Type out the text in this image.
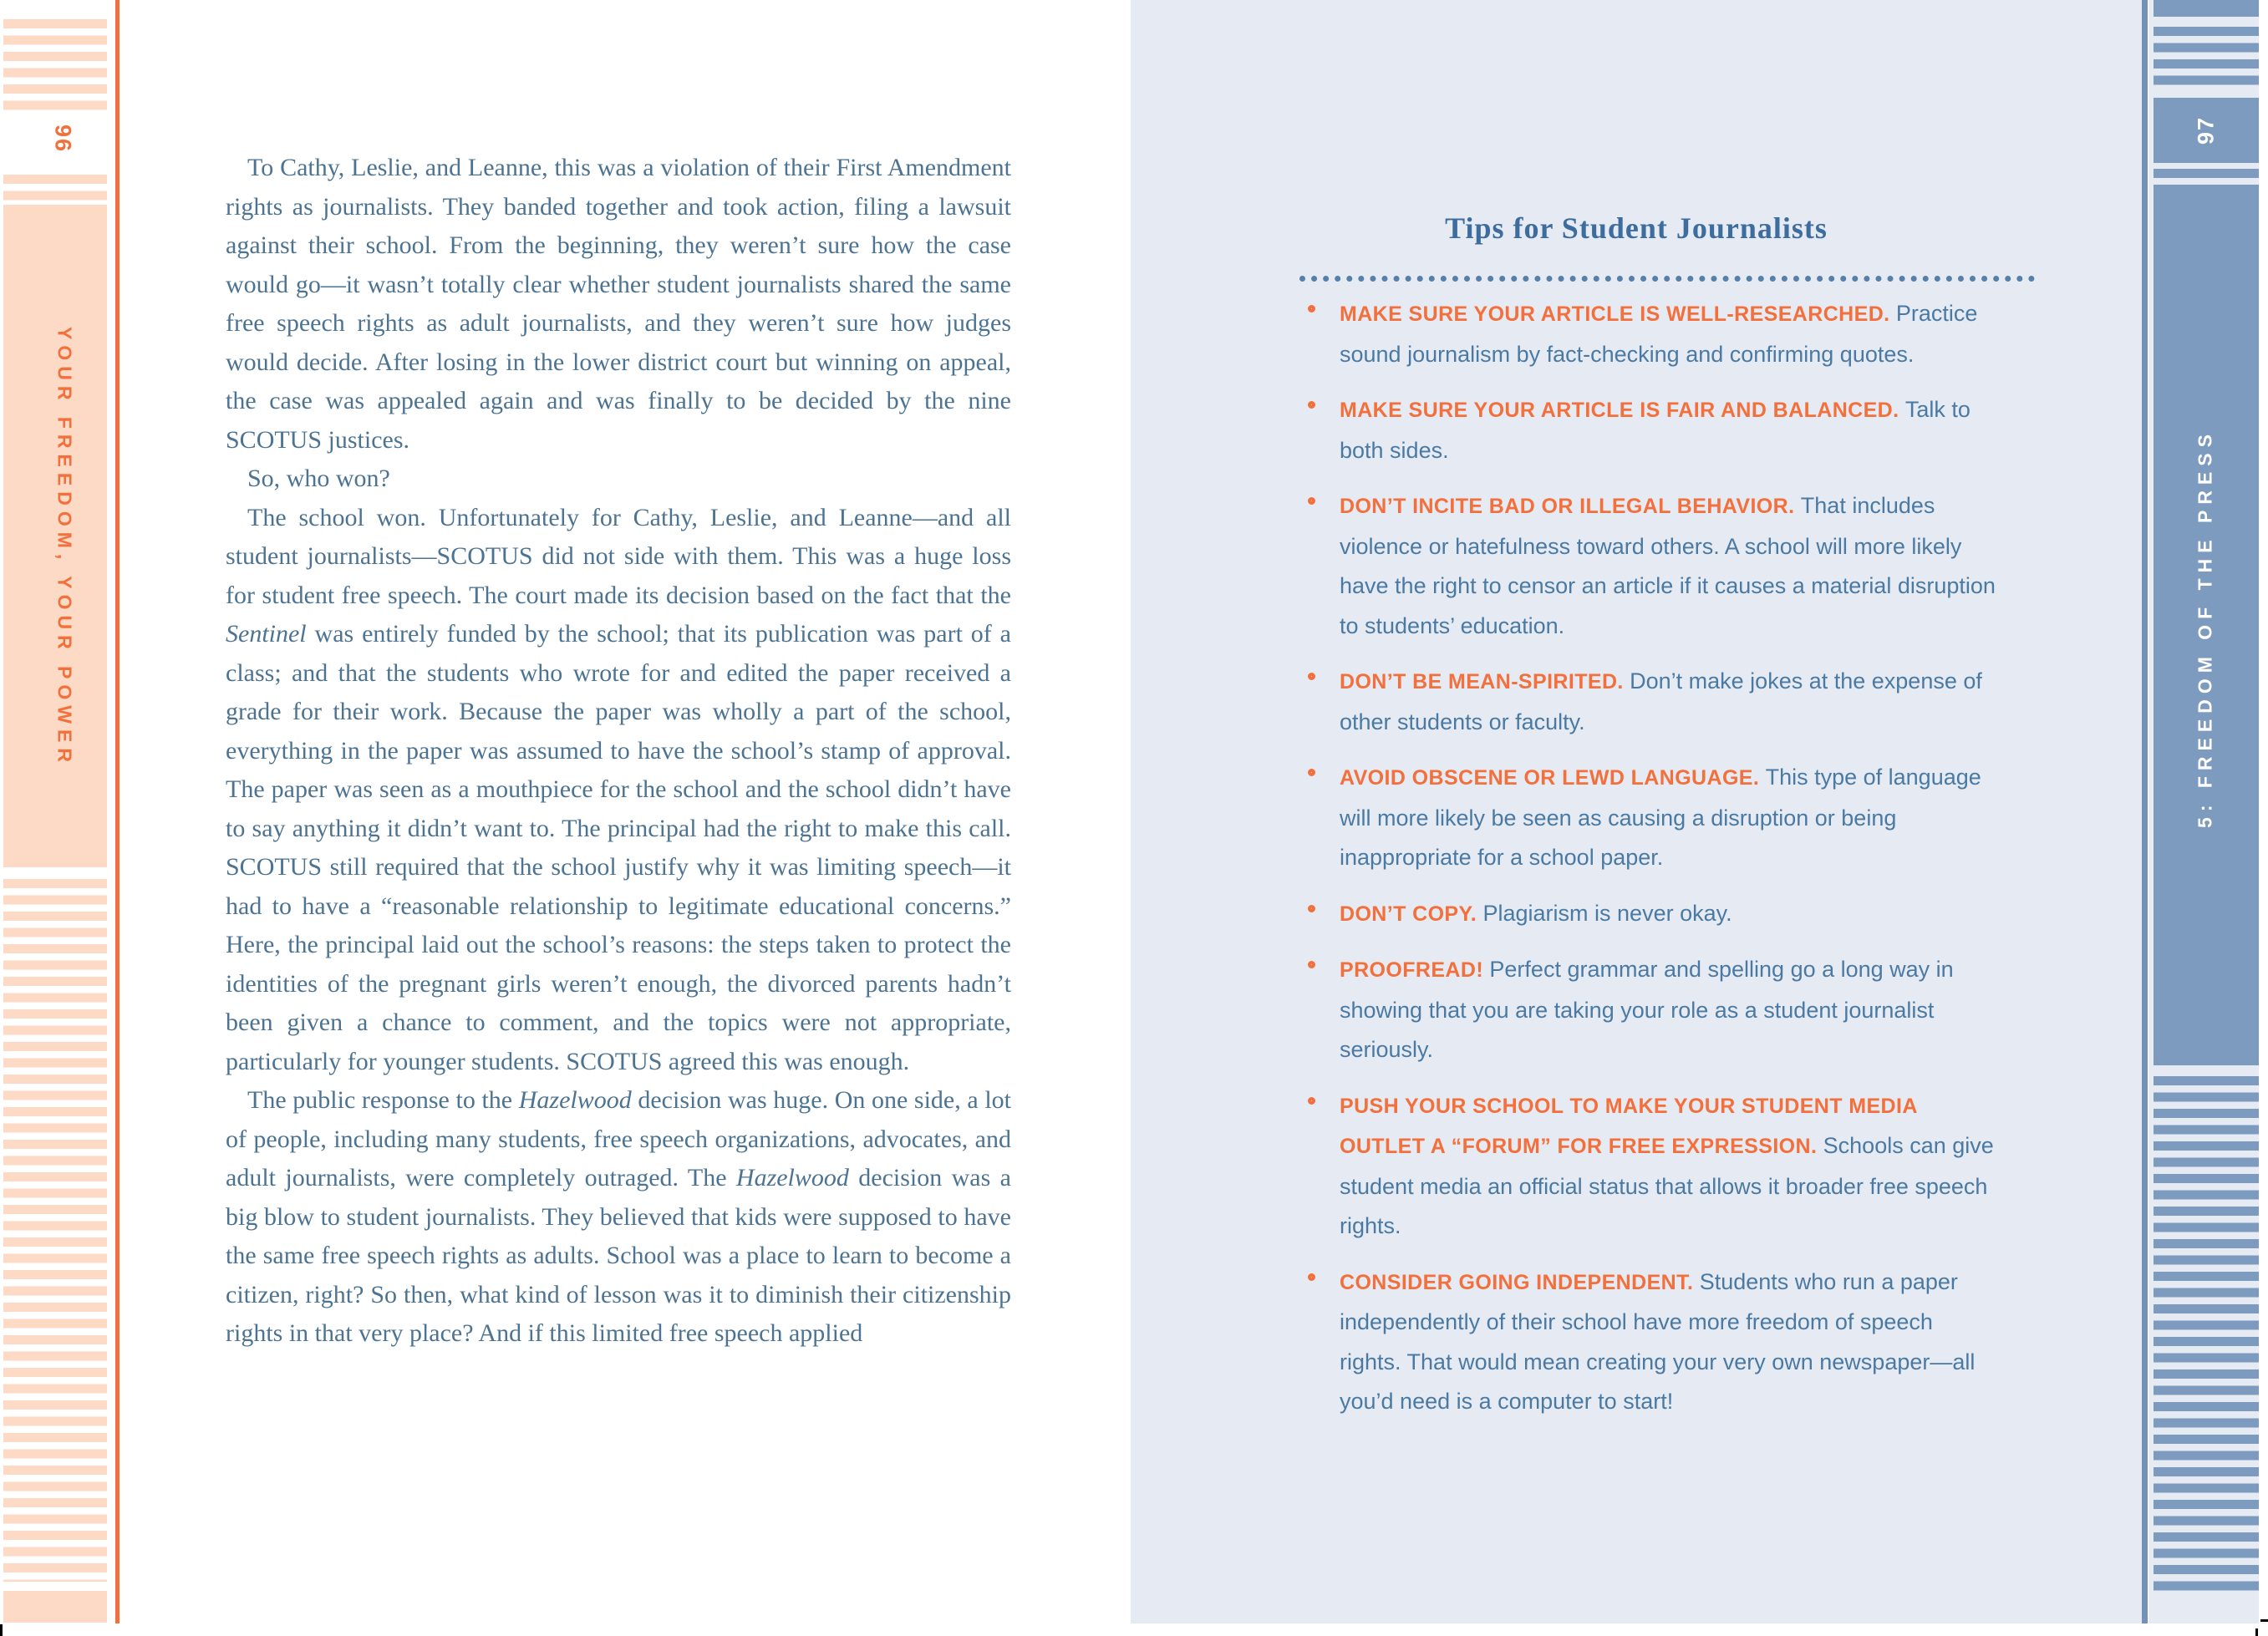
96
YOUR FREEDOM, YOUR POWER

To Cathy, Leslie, and Leanne, this was a violation of their First Amendment rights as journalists. They banded together and took action, filing a lawsuit against their school. From the beginning, they weren’t sure how the case would go—it wasn’t totally clear whether student journalists shared the same free speech rights as adult journalists, and they weren’t sure how judges would decide. After losing in the lower district court but winning on appeal, the case was appealed again and was finally to be decided by the nine SCOTUS justices.

So, who won?

The school won. Unfortunately for Cathy, Leslie, and Leanne—and all student journalists—SCOTUS did not side with them. This was a huge loss for student free speech. The court made its decision based on the fact that the Sentinel was entirely funded by the school; that its publication was part of a class; and that the students who wrote for and edited the paper received a grade for their work. Because the paper was wholly a part of the school, everything in the paper was assumed to have the school’s stamp of approval. The paper was seen as a mouthpiece for the school and the school didn’t have to say anything it didn’t want to. The principal had the right to make this call. SCOTUS still required that the school justify why it was limiting speech—it had to have a “reasonable relationship to legitimate educational concerns.” Here, the principal laid out the school’s reasons: the steps taken to protect the identities of the pregnant girls weren’t enough, the divorced parents hadn’t been given a chance to comment, and the topics were not appropriate, particularly for younger students. SCOTUS agreed this was enough.

The public response to the Hazelwood decision was huge. On one side, a lot of people, including many students, free speech organizations, advocates, and adult journalists, were completely outraged. The Hazelwood decision was a big blow to student journalists. They believed that kids were supposed to have the same free speech rights as adults. School was a place to learn to become a citizen, right? So then, what kind of lesson was it to diminish their citizenship rights in that very place? And if this limited free speech applied

Tips for Student Journalists
MAKE SURE YOUR ARTICLE IS WELL-RESEARCHED. Practice sound journalism by fact-checking and confirming quotes.
MAKE SURE YOUR ARTICLE IS FAIR AND BALANCED. Talk to both sides.
DON’T INCITE BAD OR ILLEGAL BEHAVIOR. That includes violence or hatefulness toward others. A school will more likely have the right to censor an article if it causes a material disruption to students’ education.
DON’T BE MEAN-SPIRITED. Don’t make jokes at the expense of other students or faculty.
AVOID OBSCENE OR LEWD LANGUAGE. This type of language will more likely be seen as causing a disruption or being inappropriate for a school paper.
DON’T COPY. Plagiarism is never okay.
PROOFREAD! Perfect grammar and spelling go a long way in showing that you are taking your role as a student journalist seriously.
PUSH YOUR SCHOOL TO MAKE YOUR STUDENT MEDIA OUTLET A “FORUM” FOR FREE EXPRESSION. Schools can give student media an official status that allows it broader free speech rights.
CONSIDER GOING INDEPENDENT. Students who run a paper independently of their school have more freedom of speech rights. That would mean creating your very own newspaper—all you’d need is a computer to start!
97
5: FREEDOM OF THE PRESS
